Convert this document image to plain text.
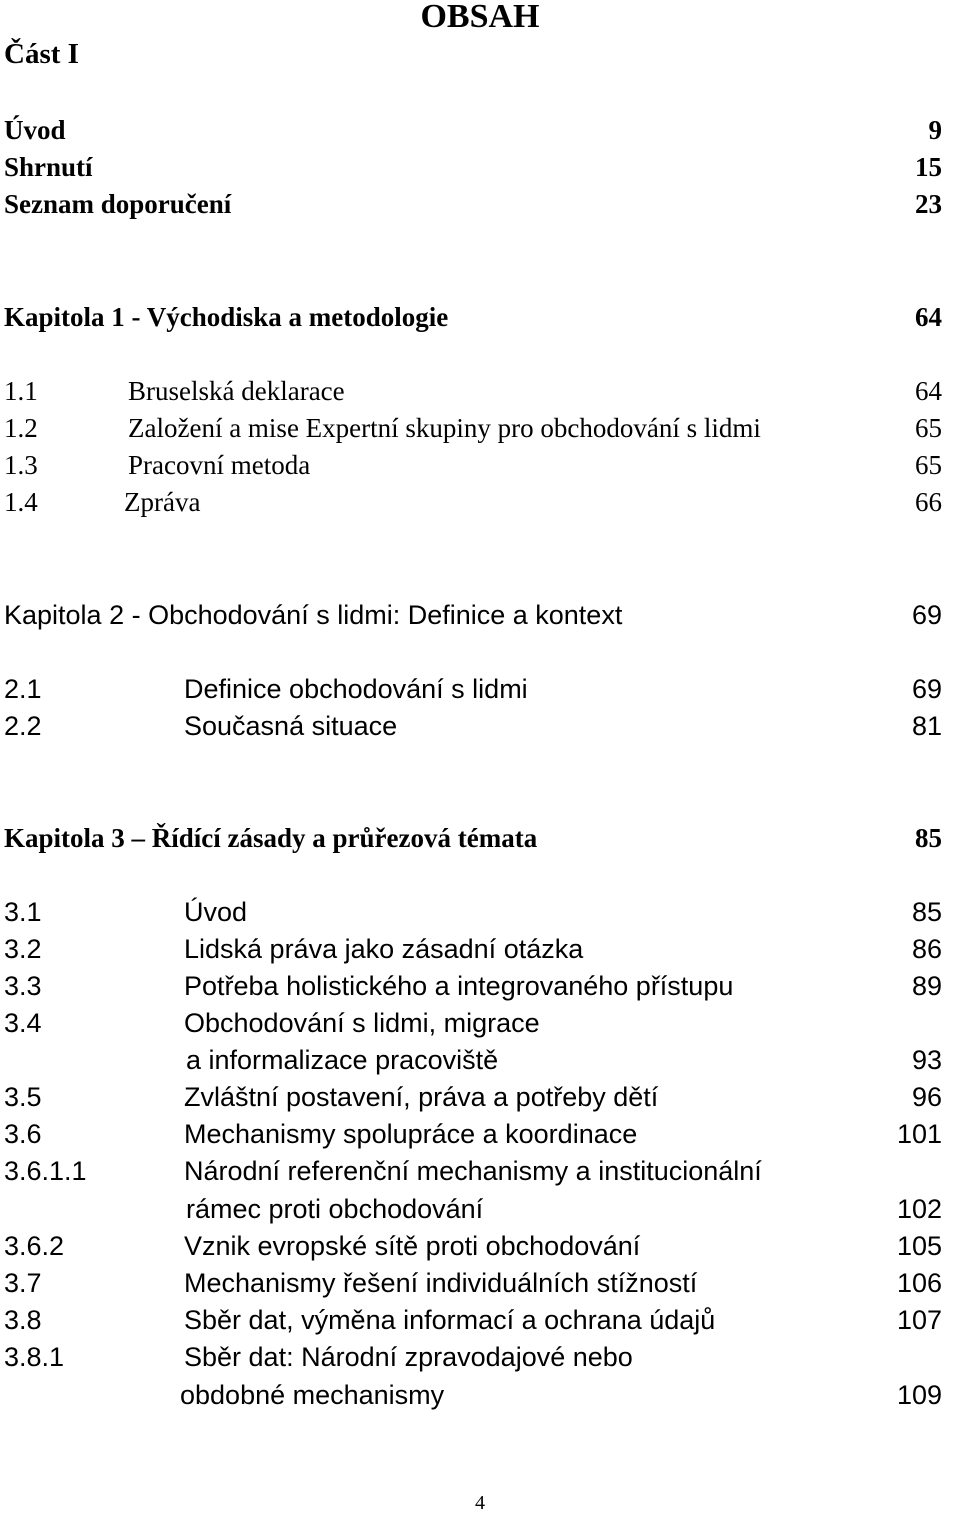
OBSAH
Část I
Úvod	9
Shrnutí	15
Seznam doporučení	23
Kapitola 1 - Východiska a metodologie	64
1.1	Bruselská deklarace	64
1.2	Založení a mise Expertní skupiny pro obchodování s lidmi	65
1.3	Pracovní metoda	65
1.4	Zpráva	66
Kapitola 2 - Obchodování s lidmi: Definice a kontext	69
2.1	Definice obchodování s lidmi	69
2.2	Současná situace	81
Kapitola 3 – Řídící zásady a průřezová témata	85
3.1	Úvod	85
3.2	Lidská práva jako zásadní otázka	86
3.3	Potřeba holistického a integrovaného přístupu	89
3.4	Obchodování s lidmi, migrace
a informalizace pracoviště	93
3.5	Zvláštní postavení, práva a potřeby dětí	96
3.6	Mechanismy spolupráce a koordinace	101
3.6.1.1	Národní referenční mechanismy a institucionální
rámec proti obchodování	102
3.6.2	Vznik evropské sítě proti obchodování	105
3.7	Mechanismy řešení individuálních stížností	106
3.8	Sběr dat, výměna informací a ochrana údajů	107
3.8.1	Sběr dat: Národní zpravodajové nebo
obdobné mechanismy	109
4
